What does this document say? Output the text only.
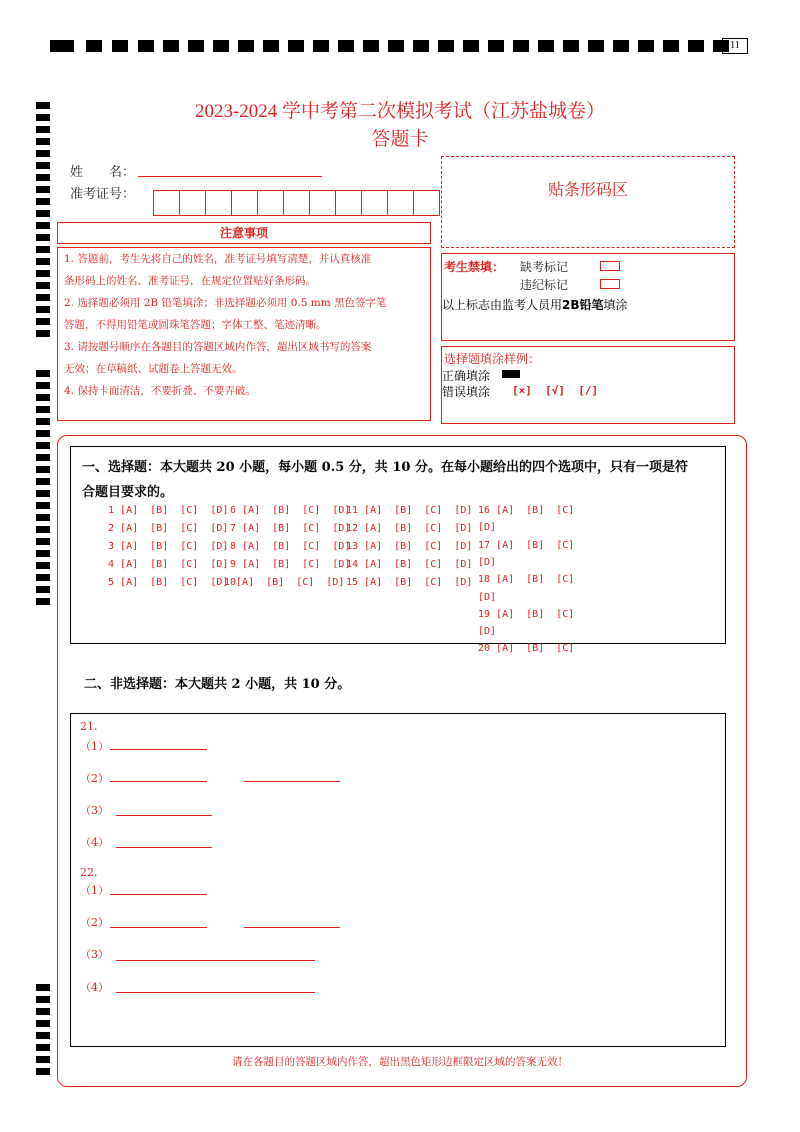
11
2023-2024 学中考第二次模拟考试（江苏盐城卷）
答题卡
姓　　名：
准考证号：	贴条形码区
注意事项
1. 答题前，考生先将自己的姓名，准考证号填写清楚，并认真核准
条形码上的姓名、准考证号，在规定位置贴好条形码。
2. 选择题必须用 2B 铅笔填涂；非选择题必须用 0.5 mm 黑色签字笔
答题，不得用铅笔或圆珠笔答题；字体工整、笔迹清晰。
3. 请按题号顺序在各题目的答题区域内作答，超出区域书写的答案
无效；在草稿纸、试题卷上答题无效。
4. 保持卡面清洁，不要折叠、不要弄破。
考生禁填： 缺考标记
违纪标记
以上标志由监考人员用2B铅笔填涂
选择题填涂样例：
正确填涂
错误填涂 [×]  [√]  [/]
一、选择题：本大题共 20 小题，每小题 0.5 分，共 10 分。在每小题给出的四个选项中，只有一项是符
合题目要求的。
1 [A]  [B]  [C]  [D]
2 [A]  [B]  [C]  [D]
3 [A]  [B]  [C]  [D]
4 [A]  [B]  [C]  [D]
5 [A]  [B]  [C]  [D]
6 [A]  [B]  [C]  [D]
7 [A]  [B]  [C]  [D]
8 [A]  [B]  [C]  [D]
9 [A]  [B]  [C]  [D]
10[A]  [B]  [C]  [D]
11 [A]  [B]  [C]  [D]
12 [A]  [B]  [C]  [D]
13 [A]  [B]  [C]  [D]
14 [A]  [B]  [C]  [D]
15 [A]  [B]  [C]  [D]
16 [A]  [B]  [C]
[D]
17 [A]  [B]  [C]
[D]
18 [A]  [B]  [C]
[D]
19 [A]  [B]  [C]
[D]
20 [A]  [B]  [C]
二、非选择题：本大题共 2 小题，共 10 分。
21.
（1）
（2）
（3）
（4）
22.
（1）
（2）
（3）
（4）
请在各题目的答题区域内作答，超出黑色矩形边框限定区域的答案无效！
